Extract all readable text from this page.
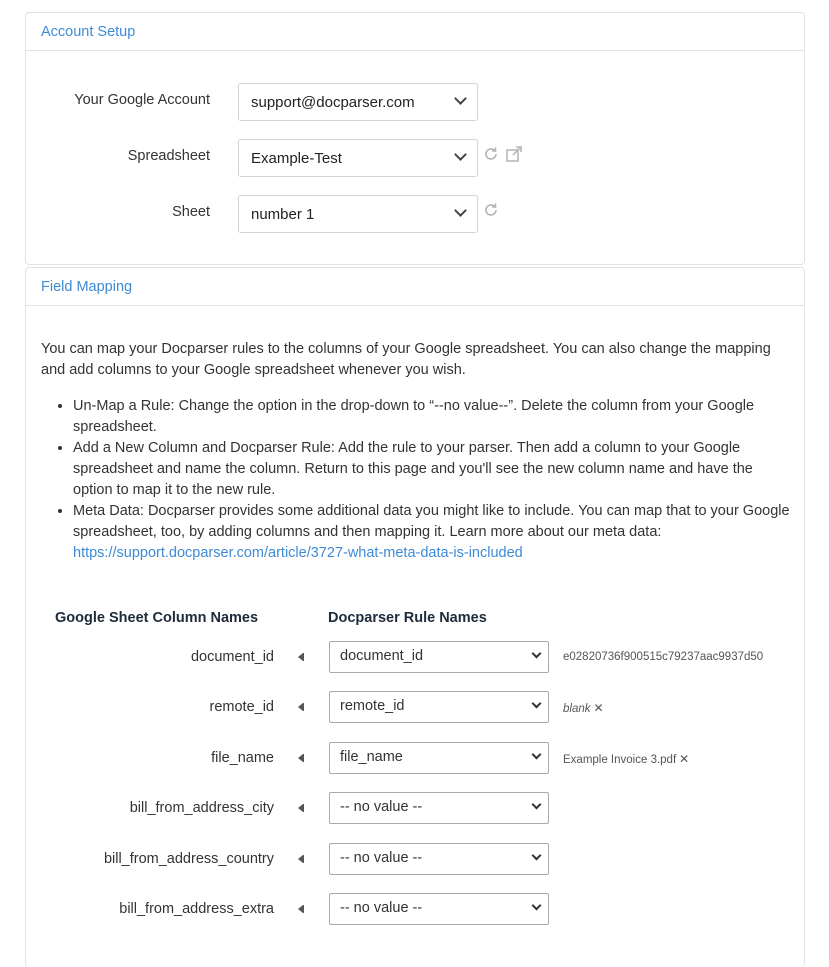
Account Setup
Your Google Account	support@docparser.com
Spreadsheet	Example-Test
Sheet	number 1
Field Mapping
You can map your Docparser rules to the columns of your Google spreadsheet. You can also change the mapping and add columns to your Google spreadsheet whenever you wish.
• Un-Map a Rule: Change the option in the drop-down to “--no value--”. Delete the column from your Google spreadsheet.
• Add a New Column and Docparser Rule: Add the rule to your parser. Then add a column to your Google spreadsheet and name the column. Return to this page and you'll see the new column name and have the option to map it to the new rule.
• Meta Data: Docparser provides some additional data you might like to include. You can map that to your Google spreadsheet, too, by adding columns and then mapping it. Learn more about our meta data:
https://support.docparser.com/article/3727-what-meta-data-is-included
Google Sheet Column Names	Docparser Rule Names
document_id	document_id	e02820736f900515c79237aac9937d50
remote_id	remote_id	blank ✕
file_name	file_name	Example Invoice 3.pdf ✕
bill_from_address_city	-- no value --
bill_from_address_country	-- no value --
bill_from_address_extra	-- no value --
